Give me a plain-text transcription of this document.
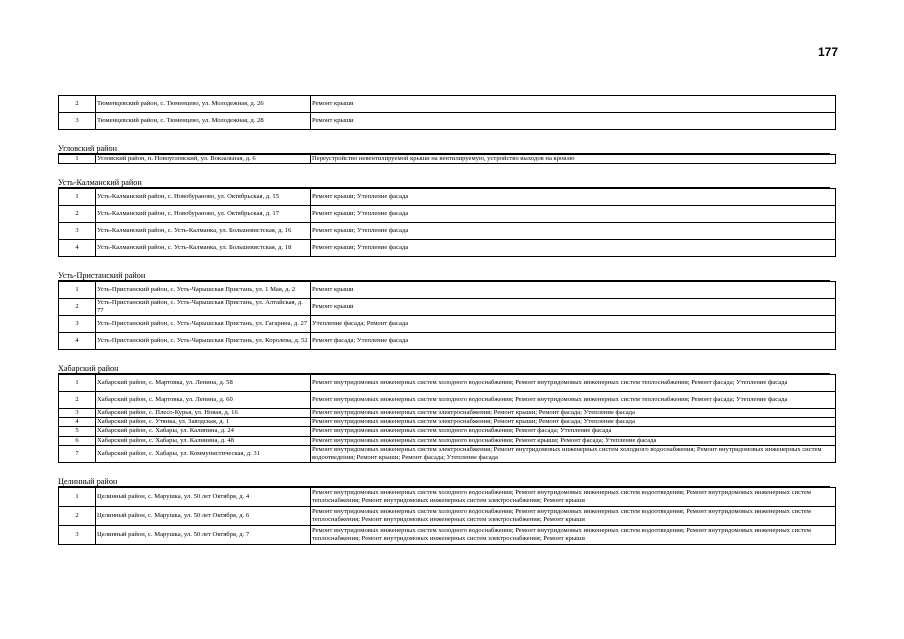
177
2	Тюменцевский район, с. Тюменцево, ул. Молодежная, д. 26	Ремонт крыши
3	Тюменцевский район, с. Тюменцево, ул. Молодежная, д. 28	Ремонт крыши
Угловский район
1	Угловский район, п. Новоугловский, ул. Вокзальная, д. 6	Переустройство невентилируемой крыши на вентилируемую, устройство выходов на кровлю
Усть-Калманский район
1	Усть-Калманский район, с. Новобураново, ул. Октябрьская, д. 15	Ремонт крыши; Утепление фасада
2	Усть-Калманский район, с. Новобураново, ул. Октябрьская, д. 17	Ремонт крыши; Утепление фасада
3	Усть-Калманский район, с. Усть-Калманка, ул. Большевистская, д. 16	Ремонт крыши; Утепление фасада
4	Усть-Калманский район, с. Усть-Калманка, ул. Большевистская, д. 18	Ремонт крыши; Утепление фасада
Усть-Пристанский район
1	Усть-Пристанский район, с. Усть-Чарышская Пристань, ул. 1 Мая, д. 2	Ремонт крыши
2	Усть-Пристанский район, с. Усть-Чарышская Пристань, ул. Алтайская, д. 77	Ремонт крыши
3	Усть-Пристанский район, с. Усть-Чарышская Пристань, ул. Гагарина, д. 27	Утепление фасада; Ремонт фасада
4	Усть-Пристанский район, с. Усть-Чарышская Пристань, ул. Королева, д. 52	Ремонт фасада; Утепление фасада
Хабарский район
1	Хабарский район, с. Мартовка, ул. Ленина, д. 58	Ремонт внутридомовых инженерных систем холодного водоснабжения; Ремонт внутридомовых инженерных систем теплоснабжения; Ремонт фасада; Утепление фасада
2	Хабарский район, с. Мартовка, ул. Ленина, д. 60	Ремонт внутридомовых инженерных систем холодного водоснабжения; Ремонт внутридомовых инженерных систем теплоснабжения; Ремонт фасада; Утепление фасада
3	Хабарский район, с. Плесо-Курья, ул. Новая, д. 16	Ремонт внутридомовых инженерных систем электроснабжения; Ремонт крыши; Ремонт фасада; Утепление фасада
4	Хабарский район, с. Утянка, ул. Заводская, д. 1	Ремонт внутридомовых инженерных систем электроснабжения; Ремонт крыши; Ремонт фасада; Утепление фасада
5	Хабарский район, с. Хабары, ул. Калинина, д. 24	Ремонт внутридомовых инженерных систем холодного водоснабжения; Ремонт фасада; Утепление фасада
6	Хабарский район, с. Хабары, ул. Калинина, д. 48	Ремонт внутридомовых инженерных систем холодного водоснабжения; Ремонт крыши; Ремонт фасада; Утепление фасада
7	Хабарский район, с. Хабары, ул. Коммунистическая, д. 31	Ремонт внутридомовых инженерных систем электроснабжения; Ремонт внутридомовых инженерных систем холодного водоснабжения; Ремонт внутридомовых инженерных систем водоотведения; Ремонт крыши; Ремонт фасада; Утепление фасада
Целинный район
1	Целинный район, с. Марушка, ул. 50 лет Октября, д. 4	Ремонт внутридомовых инженерных систем холодного водоснабжения; Ремонт внутридомовых инженерных систем водоотведения; Ремонт внутридомовых инженерных систем теплоснабжения; Ремонт внутридомовых инженерных систем электроснабжения; Ремонт крыши
2	Целинный район, с. Марушка, ул. 50 лет Октября, д. 6	Ремонт внутридомовых инженерных систем холодного водоснабжения; Ремонт внутридомовых инженерных систем водоотведения; Ремонт внутридомовых инженерных систем теплоснабжения; Ремонт внутридомовых инженерных систем электроснабжения; Ремонт крыши
3	Целинный район, с. Марушка, ул. 50 лет Октября, д. 7	Ремонт внутридомовых инженерных систем холодного водоснабжения; Ремонт внутридомовых инженерных систем водоотведения; Ремонт внутридомовых инженерных систем теплоснабжения; Ремонт внутридомовых инженерных систем электроснабжения; Ремонт крыши
